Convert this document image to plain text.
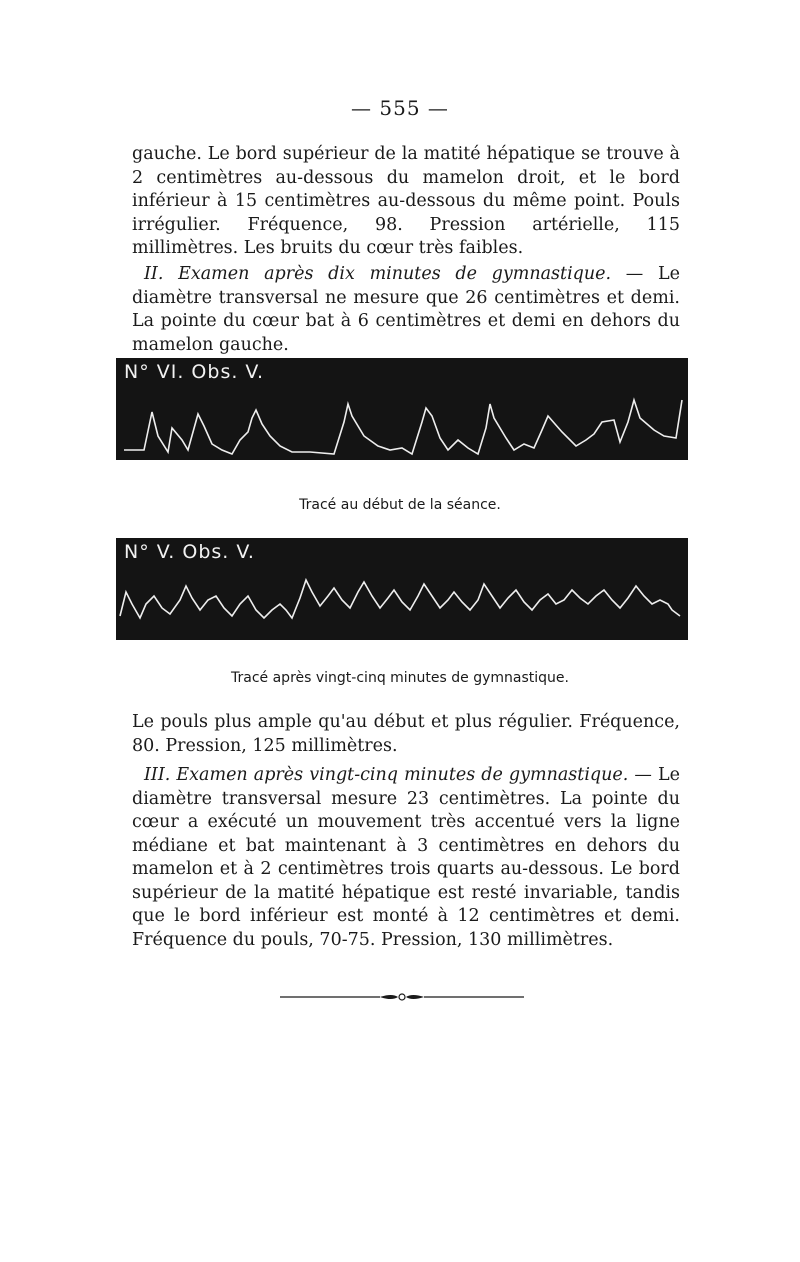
— 555 —

gauche. Le bord supérieur de la matité hépatique se trouve à 2 centimètres au-dessous du mamelon droit, et le bord inférieur à 15 centimètres au-dessous du même point. Pouls irrégulier. Fréquence, 98. Pression artérielle, 115 millimètres. Les bruits du cœur très faibles.

II. Examen après dix minutes de gymnastique. — Le diamètre transversal ne mesure que 26 centimètres et demi. La pointe du cœur bat à 6 centimètres et demi en dehors du mamelon gauche.

N° VI. Obs. V.
Tracé au début de la séance.
N° V. Obs. V.
Tracé après vingt-cinq minutes de gymnastique.

Le pouls plus ample qu'au début et plus régulier. Fréquence, 80. Pression, 125 millimètres.

III. Examen après vingt-cinq minutes de gymnastique. — Le diamètre transversal mesure 23 centimètres. La pointe du cœur a exécuté un mouvement très accentué vers la ligne médiane et bat maintenant à 3 centimètres en dehors du mamelon et à 2 centimètres trois quarts au-dessous. Le bord supérieur de la matité hépatique est resté invariable, tandis que le bord inférieur est monté à 12 centimètres et demi. Fréquence du pouls, 70-75. Pression, 130 millimètres.
